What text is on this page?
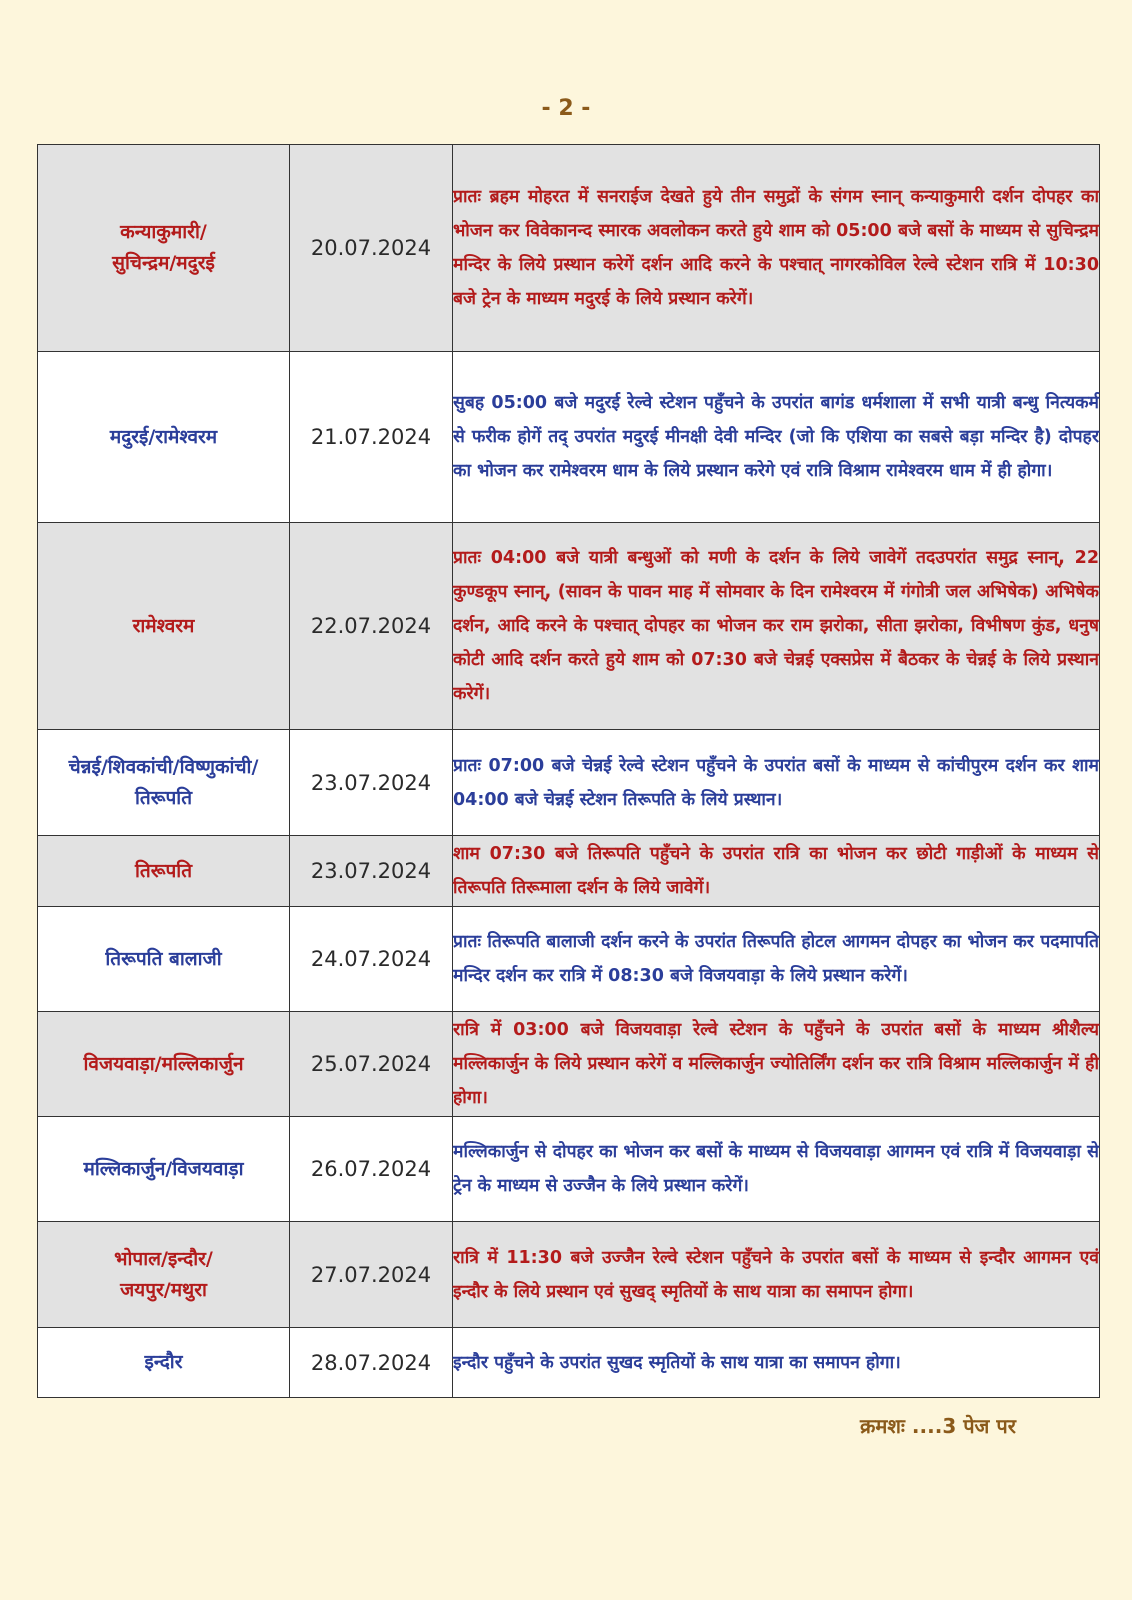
- 2 -
कन्याकुमारी/
सुचिन्द्रम/मदुरई	20.07.2024	प्रातः ब्रहम मोहरत में सनराईज देखते हुये तीन समुद्रों के संगम स्नान् कन्याकुमारी दर्शन दोपहर का भोजन कर विवेकानन्द स्मारक अवलोकन करते हुये शाम को 05:00 बजे बसों के माध्यम से सुचिन्द्रम मन्दिर के लिये प्रस्थान करेगें दर्शन आदि करने के पश्चात् नागरकोविल रेल्वे स्टेशन रात्रि में 10:30 बजे ट्रेन के माध्यम मदुरई के लिये प्रस्थान करेगें।
मदुरई/रामेश्वरम	21.07.2024	सुबह 05:00 बजे मदुरई रेल्वे स्टेशन पहुँचने के उपरांत बागंड धर्मशाला में सभी यात्री बन्धु नित्यकर्म से फरीक होगें तद् उपरांत मदुरई मीनक्षी देवी मन्दिर (जो कि एशिया का सबसे बड़ा मन्दिर है) दोपहर का भोजन कर रामेश्वरम धाम के लिये प्रस्थान करेगे एवं रात्रि विश्राम रामेश्वरम धाम में ही होगा।
रामेश्वरम	22.07.2024	प्रातः 04:00 बजे यात्री बन्धुओं को मणी के दर्शन के लिये जावेगें तदउपरांत समुद्र स्नान्, 22 कुण्डकूप स्नान्, (सावन के पावन माह में सोमवार के दिन रामेश्वरम में गंगोत्री जल अभिषेक) अभिषेक दर्शन, आदि करने के पश्चात् दोपहर का भोजन कर राम झरोका, सीता झरोका, विभीषण कुंड, धनुष कोटी आदि दर्शन करते हुये शाम को 07:30 बजे चेन्नई एक्सप्रेस में बैठकर के चेन्नई के लिये प्रस्थान करेगें।
चेन्नई/शिवकांची/विष्णुकांची/
तिरूपति	23.07.2024	प्रातः 07:00 बजे चेन्नई रेल्वे स्टेशन पहुँचने के उपरांत बसों के माध्यम से कांचीपुरम दर्शन कर शाम 04:00 बजे चेन्नई स्टेशन तिरूपति के लिये प्रस्थान।
तिरूपति	23.07.2024	शाम 07:30 बजे तिरूपति पहुँचने के उपरांत रात्रि का भोजन कर छोटी गाड़ीओं के माध्यम से तिरूपति तिरूमाला दर्शन के लिये जावेगें।
तिरूपति बालाजी	24.07.2024	प्रातः तिरूपति बालाजी दर्शन करने के उपरांत तिरूपति होटल आगमन दोपहर का भोजन कर पदमापति मन्दिर दर्शन कर रात्रि में 08:30 बजे विजयवाड़ा के लिये प्रस्थान करेगें।
विजयवाड़ा/मल्लिकार्जुन	25.07.2024	रात्रि में 03:00 बजे विजयवाड़ा रेल्वे स्टेशन के पहुँचने के उपरांत बसों के माध्यम श्रीशैल्य मल्लिकार्जुन के लिये प्रस्थान करेगें व मल्लिकार्जुन ज्योतिर्लिंग दर्शन कर रात्रि विश्राम मल्लिकार्जुन में ही होगा।
मल्लिकार्जुन/विजयवाड़ा	26.07.2024	मल्लिकार्जुन से दोपहर का भोजन कर बसों के माध्यम से विजयवाड़ा आगमन एवं रात्रि में विजयवाड़ा से ट्रेन के माध्यम से उज्जैन के लिये प्रस्थान करेगें।
भोपाल/इन्दौर/
जयपुर/मथुरा	27.07.2024	रात्रि में 11:30 बजे उज्जैन रेल्वे स्टेशन पहुँचने के उपरांत बसों के माध्यम से इन्दौर आगमन एवं इन्दौर के लिये प्रस्थान एवं सुखद् स्मृतियों के साथ यात्रा का समापन होगा।
इन्दौर	28.07.2024	इन्दौर पहुँचने के उपरांत सुखद स्मृतियों के साथ यात्रा का समापन होगा।
क्रमशः ....3 पेज पर
